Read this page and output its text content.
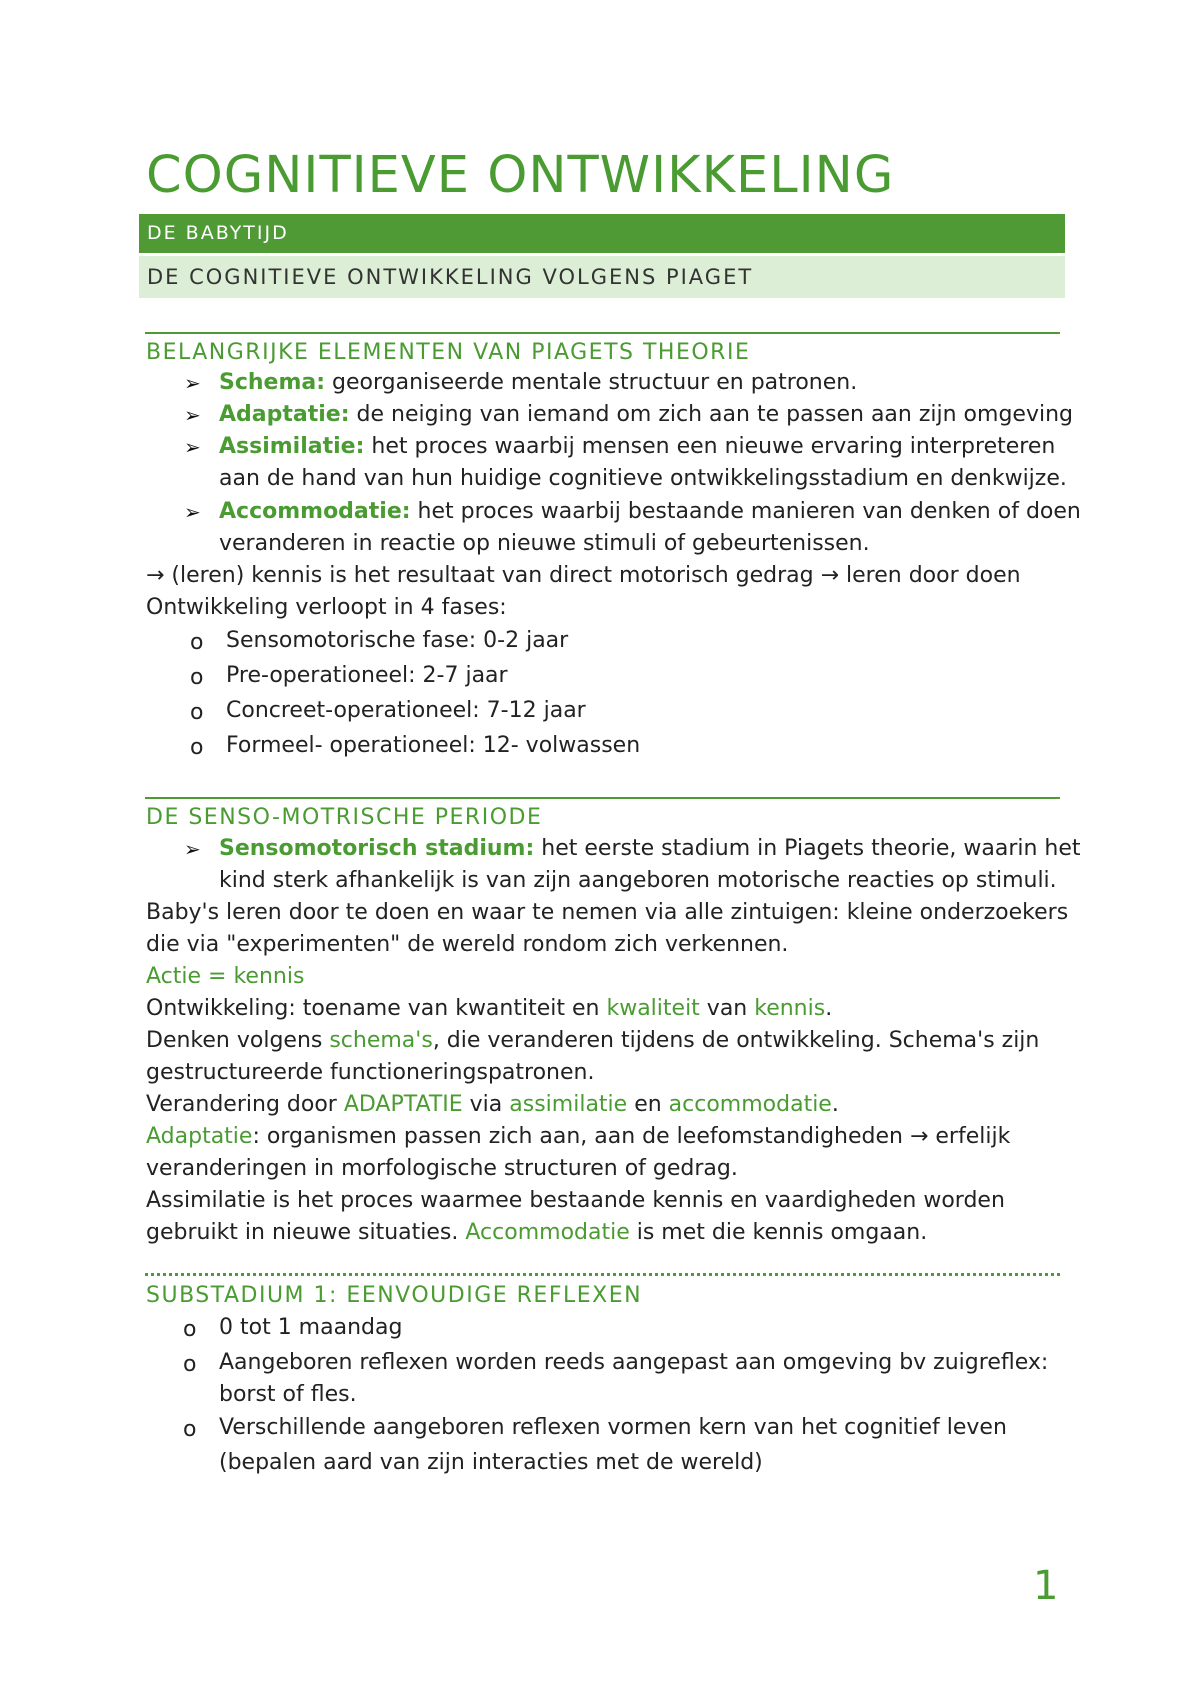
COGNITIEVE ONTWIKKELING
DE BABYTIJD
DE COGNITIEVE ONTWIKKELING VOLGENS PIAGET
BELANGRIJKE ELEMENTEN VAN PIAGETS THEORIE
➢ Schema: georganiseerde mentale structuur en patronen.
➢ Adaptatie: de neiging van iemand om zich aan te passen aan zijn omgeving
➢ Assimilatie: het proces waarbij mensen een nieuwe ervaring interpreteren
aan de hand van hun huidige cognitieve ontwikkelingsstadium en denkwijze.
➢ Accommodatie: het proces waarbij bestaande manieren van denken of doen
veranderen in reactie op nieuwe stimuli of gebeurtenissen.
→ (leren) kennis is het resultaat van direct motorisch gedrag → leren door doen
Ontwikkeling verloopt in 4 fases:
o Sensomotorische fase: 0-2 jaar
o Pre-operationeel: 2-7 jaar
o Concreet-operationeel: 7-12 jaar
o Formeel- operationeel: 12- volwassen
DE SENSO-MOTRISCHE PERIODE
➢ Sensomotorisch stadium: het eerste stadium in Piagets theorie, waarin het
kind sterk afhankelijk is van zijn aangeboren motorische reacties op stimuli.
Baby's leren door te doen en waar te nemen via alle zintuigen: kleine onderzoekers
die via "experimenten" de wereld rondom zich verkennen.
Actie = kennis
Ontwikkeling: toename van kwantiteit en kwaliteit van kennis.
Denken volgens schema's, die veranderen tijdens de ontwikkeling. Schema's zijn
gestructureerde functioneringspatronen.
Verandering door ADAPTATIE via assimilatie en accommodatie.
Adaptatie: organismen passen zich aan, aan de leefomstandigheden → erfelijk
veranderingen in morfologische structuren of gedrag.
Assimilatie is het proces waarmee bestaande kennis en vaardigheden worden
gebruikt in nieuwe situaties. Accommodatie is met die kennis omgaan.
SUBSTADIUM 1: EENVOUDIGE REFLEXEN
o 0 tot 1 maandag
o Aangeboren reflexen worden reeds aangepast aan omgeving bv zuigreflex:
borst of fles.
o Verschillende aangeboren reflexen vormen kern van het cognitief leven
(bepalen aard van zijn interacties met de wereld)
1
